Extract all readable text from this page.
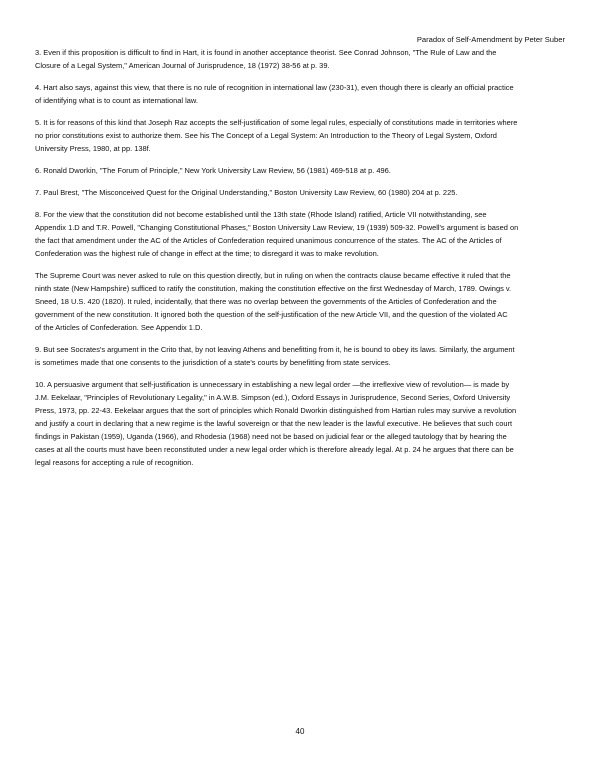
Paradox of Self-Amendment by Peter Suber

3. Even if this proposition is difficult to find in Hart, it is found in another acceptance theorist. See Conrad Johnson, "The Rule of Law and the
Closure of a Legal System," American Journal of Jurisprudence, 18 (1972) 38-56 at p. 39.

4. Hart also says, against this view, that there is no rule of recognition in international law (230-31), even though there is clearly an official practice
of identifying what is to count as international law.

5. It is for reasons of this kind that Joseph Raz accepts the self-justification of some legal rules, especially of constitutions made in territories where
no prior constitutions exist to authorize them. See his The Concept of a Legal System: An Introduction to the Theory of Legal System, Oxford
University Press, 1980, at pp. 138f.

6. Ronald Dworkin, "The Forum of Principle," New York University Law Review, 56 (1981) 469-518 at p. 496.

7. Paul Brest, "The Misconceived Quest for the Original Understanding," Boston University Law Review, 60 (1980) 204 at p. 225.

8. For the view that the constitution did not become established until the 13th state (Rhode Island) ratified, Article VII notwithstanding, see
Appendix 1.D and T.R. Powell, "Changing Constitutional Phases," Boston University Law Review, 19 (1939) 509-32. Powell's argument is based on
the fact that amendment under the AC of the Articles of Confederation required unanimous concurrence of the states. The AC of the Articles of
Confederation was the highest rule of change in effect at the time; to disregard it was to make revolution.

The Supreme Court was never asked to rule on this question directly, but in ruling on when the contracts clause became effective it ruled that the
ninth state (New Hampshire) sufficed to ratify the constitution, making the constitution effective on the first Wednesday of March, 1789. Owings v.
Sneed, 18 U.S. 420 (1820). It ruled, incidentally, that there was no overlap between the governments of the Articles of Confederation and the
government of the new constitution. It ignored both the question of the self-justification of the new Article VII, and the question of the violated AC
of the Articles of Confederation. See Appendix 1.D.

9. But see Socrates's argument in the Crito that, by not leaving Athens and benefitting from it, he is bound to obey its laws. Similarly, the argument
is sometimes made that one consents to the jurisdiction of a state's courts by benefitting from state services.

10. A persuasive argument that self-justification is unnecessary in establishing a new legal order —the irreflexive view of revolution— is made by
J.M. Eekelaar, "Principles of Revolutionary Legality," in A.W.B. Simpson (ed.), Oxford Essays in Jurisprudence, Second Series, Oxford University
Press, 1973, pp. 22-43. Eekelaar argues that the sort of principles which Ronald Dworkin distinguished from Hartian rules may survive a revolution
and justify a court in declaring that a new regime is the lawful sovereign or that the new leader is the lawful executive. He believes that such court
findings in Pakistan (1959), Uganda (1966), and Rhodesia (1968) need not be based on judicial fear or the alleged tautology that by hearing the
cases at all the courts must have been reconstituted under a new legal order which is therefore already legal. At p. 24 he argues that there can be
legal reasons for accepting a rule of recognition.

40
